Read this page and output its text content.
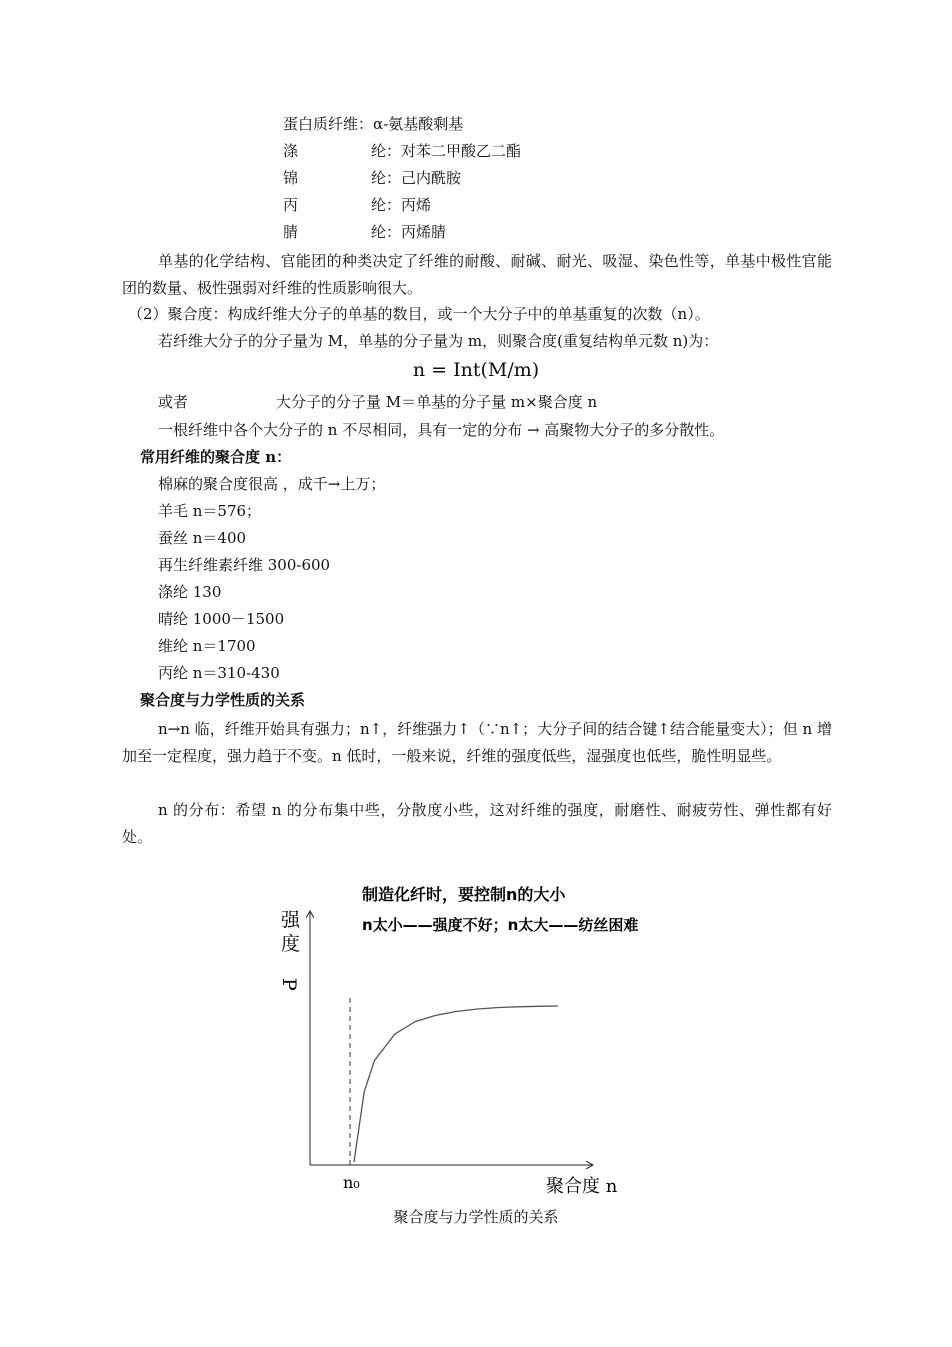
蛋白质纤维：α-氨基酸剩基
涤	纶：对苯二甲酸乙二酯
锦	纶：己内酰胺
丙	纶：丙烯
腈	纶：丙烯腈
单基的化学结构、官能团的种类决定了纤维的耐酸、耐碱、耐光、吸湿、染色性等，单基中极性官能团的数量、极性强弱对纤维的性质影响很大。
（2）聚合度：构成纤维大分子的单基的数目，或一个大分子中的单基重复的次数（n）。
若纤维大分子的分子量为 M，单基的分子量为 m，则聚合度(重复结构单元数 n)为：
n = Int(M/m)
或者	大分子的分子量 M＝单基的分子量 m×聚合度 n
一根纤维中各个大分子的 n 不尽相同，具有一定的分布 → 高聚物大分子的多分散性。
常用纤维的聚合度 n：
棉麻的聚合度很高 ，成千→上万；
羊毛 n＝576；
蚕丝 n＝400
再生纤维素纤维 300-600
涤纶 130
晴纶 1000－1500
维纶 n＝1700
丙纶 n＝310-430
聚合度与力学性质的关系
n→n 临，纤维开始具有强力；n↑，纤维强力↑（∵n↑；大分子间的结合键↑结合能量变大）；但 n 增加至一定程度，强力趋于不变。n 低时，一般来说，纤维的强度低些，湿强度也低些，脆性明显些。
n 的分布：希望 n 的分布集中些，分散度小些，这对纤维的强度，耐磨性、耐疲劳性、弹性都有好处。
制造化纤时，要控制n的大小
n太小——强度不好；n太大——纺丝困难
强
度
P
聚合度 n
n₀
聚合度与力学性质的关系
